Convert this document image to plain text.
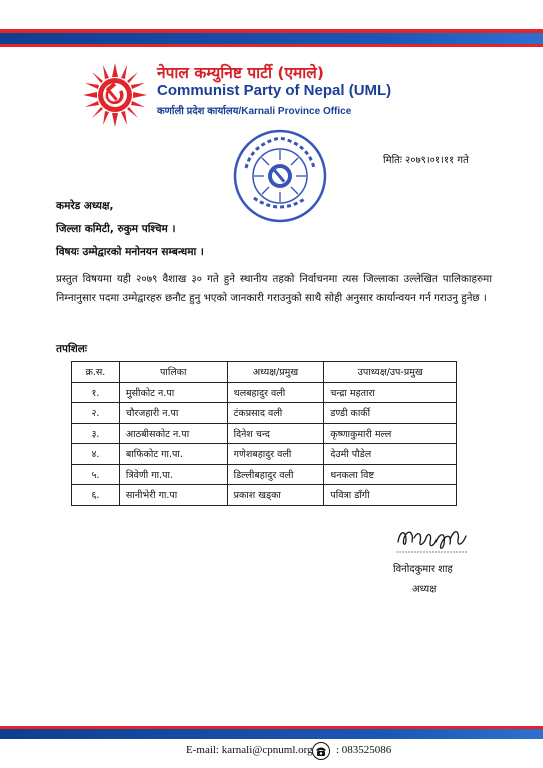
नेपाल कम्युनिष्ट पार्टी (एमाले)
Communist Party of Nepal (UML)
कर्णाली प्रदेश कार्यालय/Karnali Province Office
मितिः २०७९।०१।११ गते
कमरेड अध्यक्ष,
जिल्ला कमिटी, रुकुम पश्चिम ।
विषयः उम्मेद्वारको मनोनयन सम्बन्धमा ।
प्रस्तुत विषयमा यही २०७९ वैशाख ३० गते हुने स्थानीय तहको निर्वाचनमा त्यस जिल्लाका उल्लेखित पालिकाहरुमा निम्नानुसार पदमा उम्मेद्वारहरु छनौट हुनु भएको जानकारी गराउनुको साथै सोही अनुसार कार्यान्वयन गर्न गराउनु हुनेछ ।
तपशिलः
क्र.स.	पालिका	अध्यक्ष/प्रमुख	उपाध्यक्ष/उप-प्रमुख
१.	मुसीकोट न.पा	थलबहादुर वली	चन्द्रा महतारा
२.	चौरजहारी न.पा	टंकप्रसाद वली	डण्डी कार्की
३.	आठबीसकोट न.पा	दिनेश चन्द	कृष्णाकुमारी मल्ल
४.	बाफिकोट गा.पा.	गणेशबहादुर वली	देउमी पौडेल
५.	त्रिवेणी गा.पा.	डिल्लीबहादुर वली	धनकला विष्ट
६.	सानीभेरी गा.पा	प्रकाश खड्का	पवित्रा डाँगी
विनोदकुमार शाह
अध्यक्ष
E-mail: karnali@cpnuml.org : 083525086
